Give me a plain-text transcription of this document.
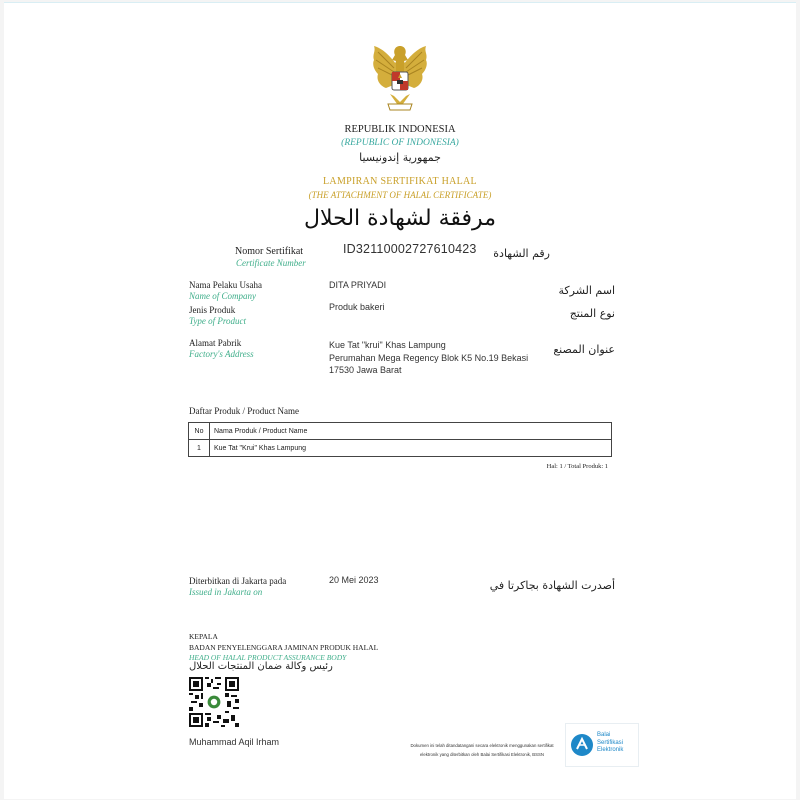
REPUBLIK INDONESIA
(REPUBLIC OF INDONESIA)
جمهورية إندونيسيا
LAMPIRAN SERTIFIKAT HALAL
(THE ATTACHMENT OF HALAL CERTIFICATE)
مرفقة لشهادة الحلال
Nomor Sertifikat
Certificate Number
ID32110002727610423	رقم الشهادة
Nama Pelaku Usaha
Name of Company
DITA PRIYADI	اسم الشركة
Jenis Produk
Type of Product
Produk bakeri	نوع المنتج
Alamat Pabrik
Factory's Address
Kue Tat "krui" Khas Lampung
Perumahan Mega Regency Blok K5 No.19 Bekasi
17530 Jawa Barat
عنوان المصنع
Daftar Produk / Product Name
No	Nama Produk / Product Name
1	Kue Tat "Krui" Khas Lampung
Hal: 1 / Total Produk: 1
Diterbitkan di Jakarta pada
Issued in Jakarta on
20 Mei 2023	أصدرت الشهادة بجاكرتا في
KEPALA
BADAN PENYELENGGARA JAMINAN PRODUK HALAL
HEAD OF HALAL PRODUCT ASSURANCE BODY
رئيس وكالة ضمان المنتجات الحلال
Muhammad Aqil Irham	Dokumen ini telah ditandatangani secara elektronik menggunakan sertifikat
elektronik yang diterbitkan oleh Balai Sertifikasi Elektronik, BSSN
Balai
Sertifikasi
Elektronik
